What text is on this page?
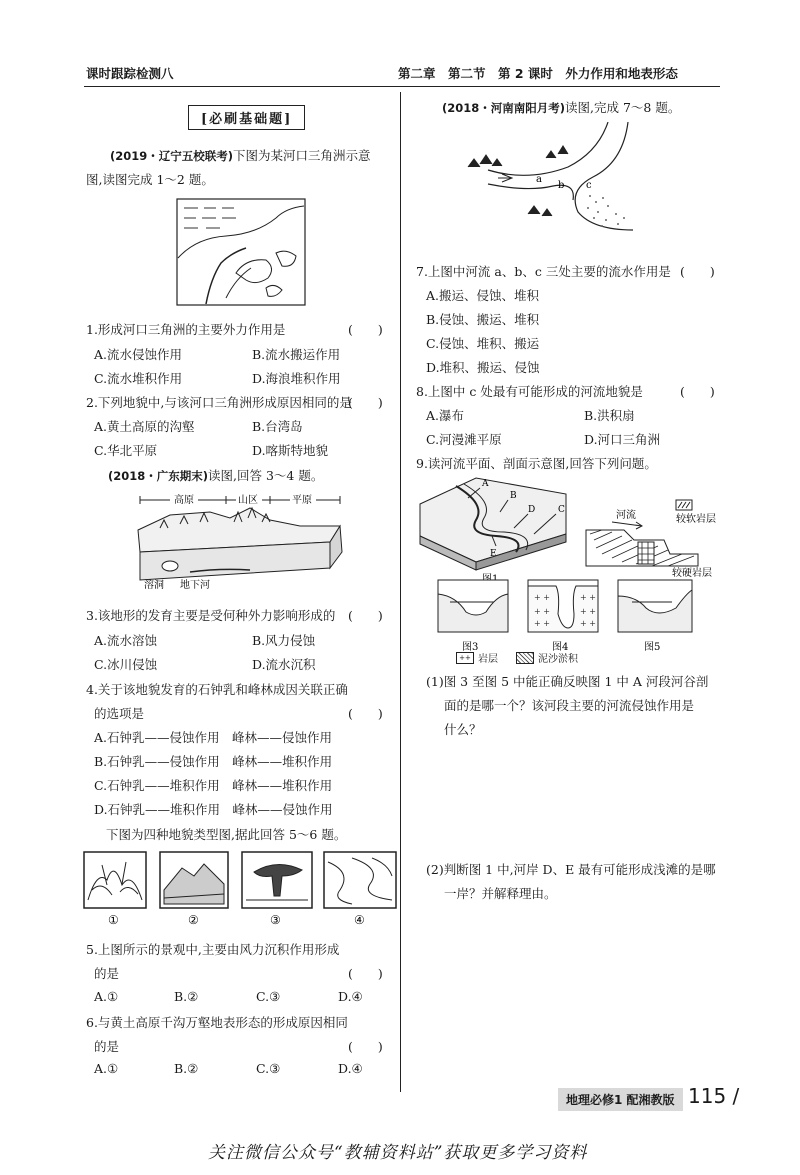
课时跟踪检测八	第二章　第二节　第 2 课时　外力作用和地表形态
[必刷基础题]
(2019・辽宁五校联考)下图为某河口三角洲示意
图,读图完成 1～2 题。
1.形成河口三角洲的主要外力作用是	(　　)
A.流水侵蚀作用	B.流水搬运作用
C.流水堆积作用	D.海浪堆积作用
2.下列地貌中,与该河口三角洲形成原因相同的是
(　　)
A.黄土高原的沟壑	B.台湾岛
C.华北平原	D.喀斯特地貌
(2018・广东期末)读图,回答 3～4 题。
高原	山区	平原
溶洞 地下河
3.该地形的发育主要是受何种外力影响形成的 (　　)
A.流水溶蚀	B.风力侵蚀
C.冰川侵蚀	D.流水沉积
4.关于该地貌发育的石钟乳和峰林成因关联正确
的选项是	(　　)
A.石钟乳——侵蚀作用　峰林——侵蚀作用
B.石钟乳——侵蚀作用　峰林——堆积作用
C.石钟乳——堆积作用　峰林——堆积作用
D.石钟乳——堆积作用　峰林——侵蚀作用
下图为四种地貌类型图,据此回答 5～6 题。
①	②	③	④
5.上图所示的景观中,主要由风力沉积作用形成
的是	(　　)
A.①	B.②	C.③	D.④
6.与黄土高原千沟万壑地表形态的形成原因相同
的是	(　　)
A.①	B.②	C.③	D.④
(2018・河南南阳月考)读图,完成 7～8 题。
a
b c
7.上图中河流 a、b、c 三处主要的流水作用是 (　　)
A.搬运、侵蚀、堆积
B.侵蚀、搬运、堆积
C.侵蚀、堆积、搬运
D.堆积、搬运、侵蚀
8.上图中 c 处最有可能形成的河流地貌是	(　　)
A.瀑布	B.洪积扇
C.河漫滩平原	D.河口三角洲
9.读河流平面、剖面示意图,回答下列问题。
A
B
C
D
E
河流	较软岩层
较硬岩层
图3
+ +
+ +
+ +
+ +
+ +
+ +
图4	图5
++ 岩层	泥沙淤积
(1)图 3 至图 5 中能正确反映图 1 中 A 河段河谷剖
面的是哪一个？该河段主要的河流侵蚀作用是
什么？
(2)判断图 1 中,河岸 D、E 最有可能形成浅滩的是哪
一岸？并解释理由。
地理必修1 配湘教版 115 /
关注微信公众号“教辅资料站”获取更多学习资料
